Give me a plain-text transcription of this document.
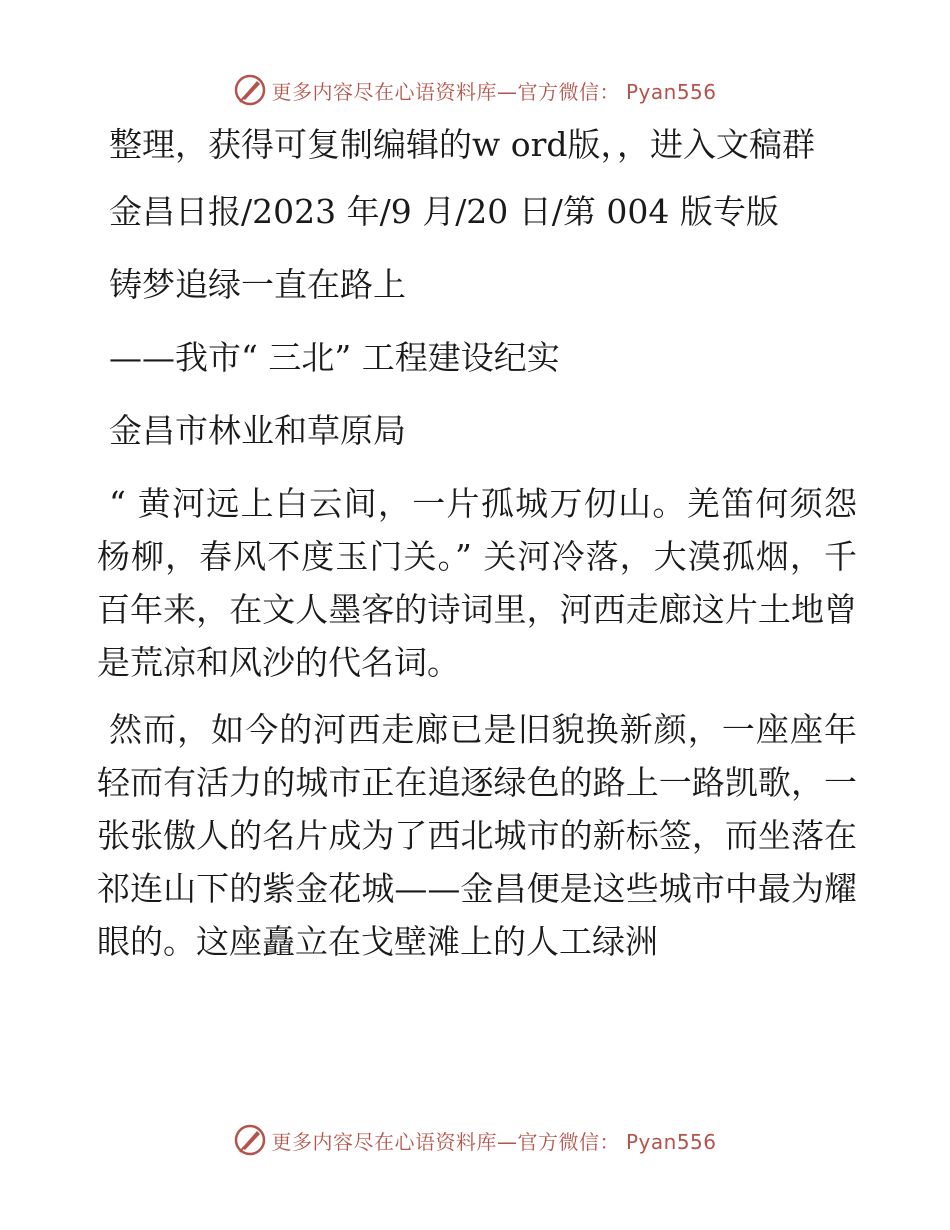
更多内容尽在心语资料库—官方微信： Pyan556

整理，获得可复制编辑的w ord版，，进入文稿群

金昌日报/2023 年/9 月/20 日/第 004 版专版

铸梦追绿一直在路上

——我市“ 三北” 工程建设纪实

金昌市林业和草原局

“ 黄河远上白云间，一片孤城万仞山。羌笛何须怨杨柳，春风不度玉门关。” 关河冷落，大漠孤烟，千百年来，在文人墨客的诗词里，河西走廊这片土地曾是荒凉和风沙的代名词。

然而，如今的河西走廊已是旧貌换新颜，一座座年轻而有活力的城市正在追逐绿色的路上一路凯歌，一张张傲人的名片成为了西北城市的新标签，而坐落在祁连山下的紫金花城——金昌便是这些城市中最为耀眼的。这座矗立在戈壁滩上的人工绿洲

更多内容尽在心语资料库—官方微信： Pyan556
